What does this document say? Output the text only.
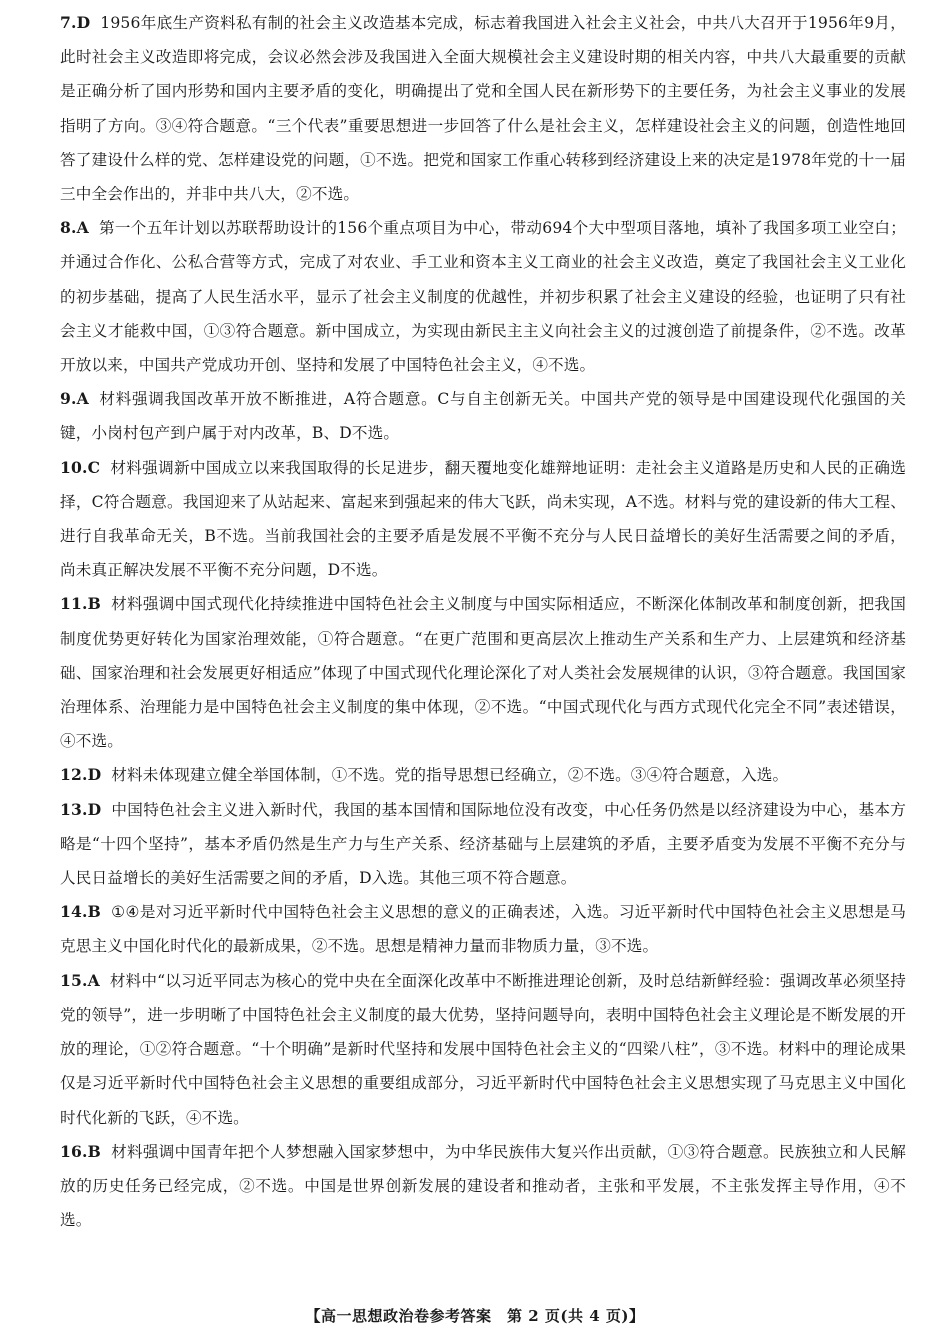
7.D 1956年底生产资料私有制的社会主义改造基本完成，标志着我国进入社会主义社会，中共八大召开于1956年9月，此时社会主义改造即将完成，会议必然会涉及我国进入全面大规模社会主义建设时期的相关内容，中共八大最重要的贡献是正确分析了国内形势和国内主要矛盾的变化，明确提出了党和全国人民在新形势下的主要任务，为社会主义事业的发展指明了方向。③④符合题意。“三个代表”重要思想进一步回答了什么是社会主义，怎样建设社会主义的问题，创造性地回答了建设什么样的党、怎样建设党的问题，①不选。把党和国家工作重心转移到经济建设上来的决定是1978年党的十一届三中全会作出的，并非中共八大，②不选。

8.A 第一个五年计划以苏联帮助设计的156个重点项目为中心，带动694个大中型项目落地，填补了我国多项工业空白；并通过合作化、公私合营等方式，完成了对农业、手工业和资本主义工商业的社会主义改造，奠定了我国社会主义工业化的初步基础，提高了人民生活水平，显示了社会主义制度的优越性，并初步积累了社会主义建设的经验，也证明了只有社会主义才能救中国，①③符合题意。新中国成立，为实现由新民主主义向社会主义的过渡创造了前提条件，②不选。改革开放以来，中国共产党成功开创、坚持和发展了中国特色社会主义，④不选。

9.A 材料强调我国改革开放不断推进，A符合题意。C与自主创新无关。中国共产党的领导是中国建设现代化强国的关键，小岗村包产到户属于对内改革，B、D不选。

10.C 材料强调新中国成立以来我国取得的长足进步，翻天覆地变化雄辩地证明：走社会主义道路是历史和人民的正确选择，C符合题意。我国迎来了从站起来、富起来到强起来的伟大飞跃，尚未实现，A不选。材料与党的建设新的伟大工程、进行自我革命无关，B不选。当前我国社会的主要矛盾是发展不平衡不充分与人民日益增长的美好生活需要之间的矛盾，尚未真正解决发展不平衡不充分问题，D不选。

11.B 材料强调中国式现代化持续推进中国特色社会主义制度与中国实际相适应，不断深化体制改革和制度创新，把我国制度优势更好转化为国家治理效能，①符合题意。“在更广范围和更高层次上推动生产关系和生产力、上层建筑和经济基础、国家治理和社会发展更好相适应”体现了中国式现代化理论深化了对人类社会发展规律的认识，③符合题意。我国国家治理体系、治理能力是中国特色社会主义制度的集中体现，②不选。“中国式现代化与西方式现代化完全不同”表述错误，④不选。

12.D 材料未体现建立健全举国体制，①不选。党的指导思想已经确立，②不选。③④符合题意，入选。

13.D 中国特色社会主义进入新时代，我国的基本国情和国际地位没有改变，中心任务仍然是以经济建设为中心，基本方略是“十四个坚持”，基本矛盾仍然是生产力与生产关系、经济基础与上层建筑的矛盾，主要矛盾变为发展不平衡不充分与人民日益增长的美好生活需要之间的矛盾，D入选。其他三项不符合题意。

14.B ①④是对习近平新时代中国特色社会主义思想的意义的正确表述，入选。习近平新时代中国特色社会主义思想是马克思主义中国化时代化的最新成果，②不选。思想是精神力量而非物质力量，③不选。

15.A 材料中“以习近平同志为核心的党中央在全面深化改革中不断推进理论创新，及时总结新鲜经验：强调改革必须坚持党的领导”，进一步明晰了中国特色社会主义制度的最大优势，坚持问题导向，表明中国特色社会主义理论是不断发展的开放的理论，①②符合题意。“十个明确”是新时代坚持和发展中国特色社会主义的“四梁八柱”，③不选。材料中的理论成果仅是习近平新时代中国特色社会主义思想的重要组成部分，习近平新时代中国特色社会主义思想实现了马克思主义中国化时代化新的飞跃，④不选。

16.B 材料强调中国青年把个人梦想融入国家梦想中，为中华民族伟大复兴作出贡献，①③符合题意。民族独立和人民解放的历史任务已经完成，②不选。中国是世界创新发展的建设者和推动者，主张和平发展，不主张发挥主导作用，④不选。

【高一思想政治卷参考答案　第 2 页(共 4 页)】
